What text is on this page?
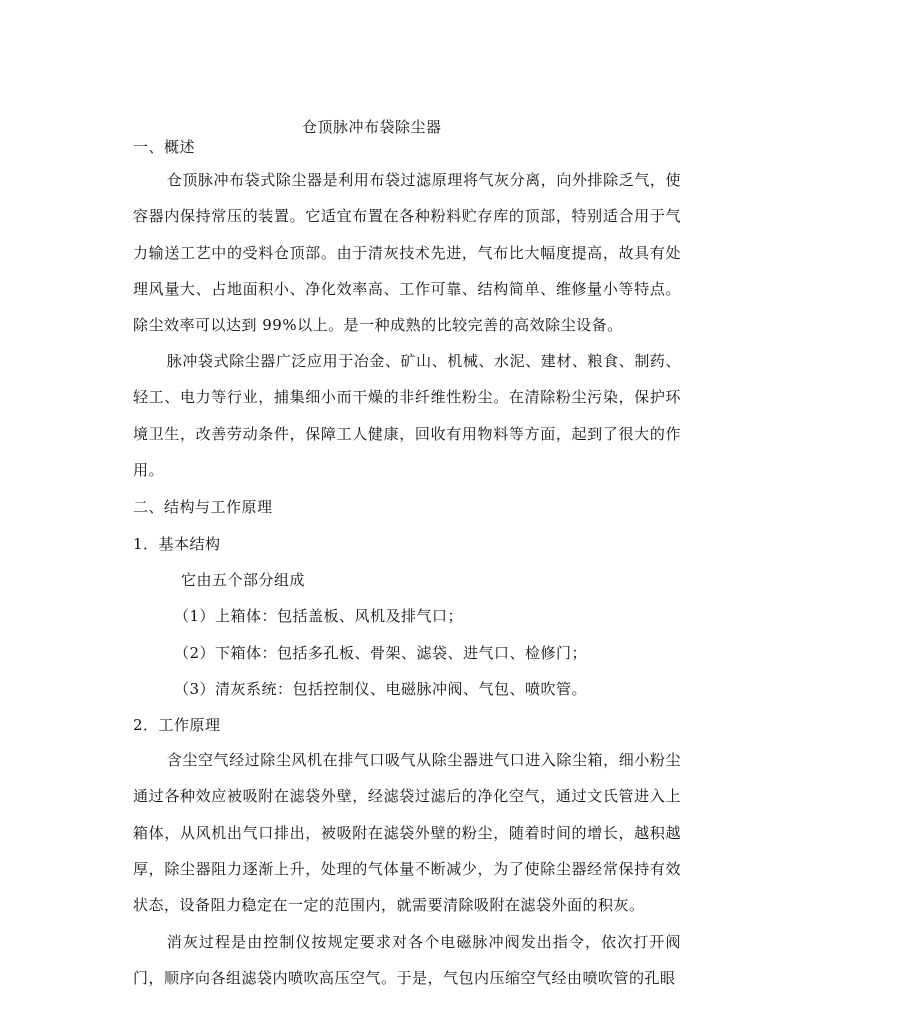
仓顶脉冲布袋除尘器
一、概述
仓顶脉冲布袋式除尘器是利用布袋过滤原理将气灰分离，向外排除乏气，使容器内保持常压的装置。它适宜布置在各种粉料贮存库的顶部，特别适合用于气力输送工艺中的受料仓顶部。由于清灰技术先进，气布比大幅度提高，故具有处理风量大、占地面积小、净化效率高、工作可靠、结构简单、维修量小等特点。除尘效率可以达到 99%以上。是一种成熟的比较完善的高效除尘设备。
脉冲袋式除尘器广泛应用于冶金、矿山、机械、水泥、建材、粮食、制药、轻工、电力等行业，捕集细小而干燥的非纤维性粉尘。在清除粉尘污染，保护环境卫生，改善劳动条件，保障工人健康，回收有用物料等方面，起到了很大的作用。
二、结构与工作原理
1．基本结构
它由五个部分组成
（1）上箱体：包括盖板、风机及排气口；
（2）下箱体：包括多孔板、骨架、滤袋、进气口、检修门；
（3）清灰系统：包括控制仪、电磁脉冲阀、气包、喷吹管。
2．工作原理
含尘空气经过除尘风机在排气口吸气从除尘器进气口进入除尘箱，细小粉尘通过各种效应被吸附在滤袋外壁，经滤袋过滤后的净化空气，通过文氏管进入上箱体，从风机出气口排出，被吸附在滤袋外壁的粉尘，随着时间的增长，越积越厚，除尘器阻力逐渐上升，处理的气体量不断减少，为了使除尘器经常保持有效状态，设备阻力稳定在一定的范围内，就需要清除吸附在滤袋外面的积灰。
消灰过程是由控制仪按规定要求对各个电磁脉冲阀发出指令，依次打开阀门，顺序向各组滤袋内喷吹高压空气。于是，气包内压缩空气经由喷吹管的孔眼
